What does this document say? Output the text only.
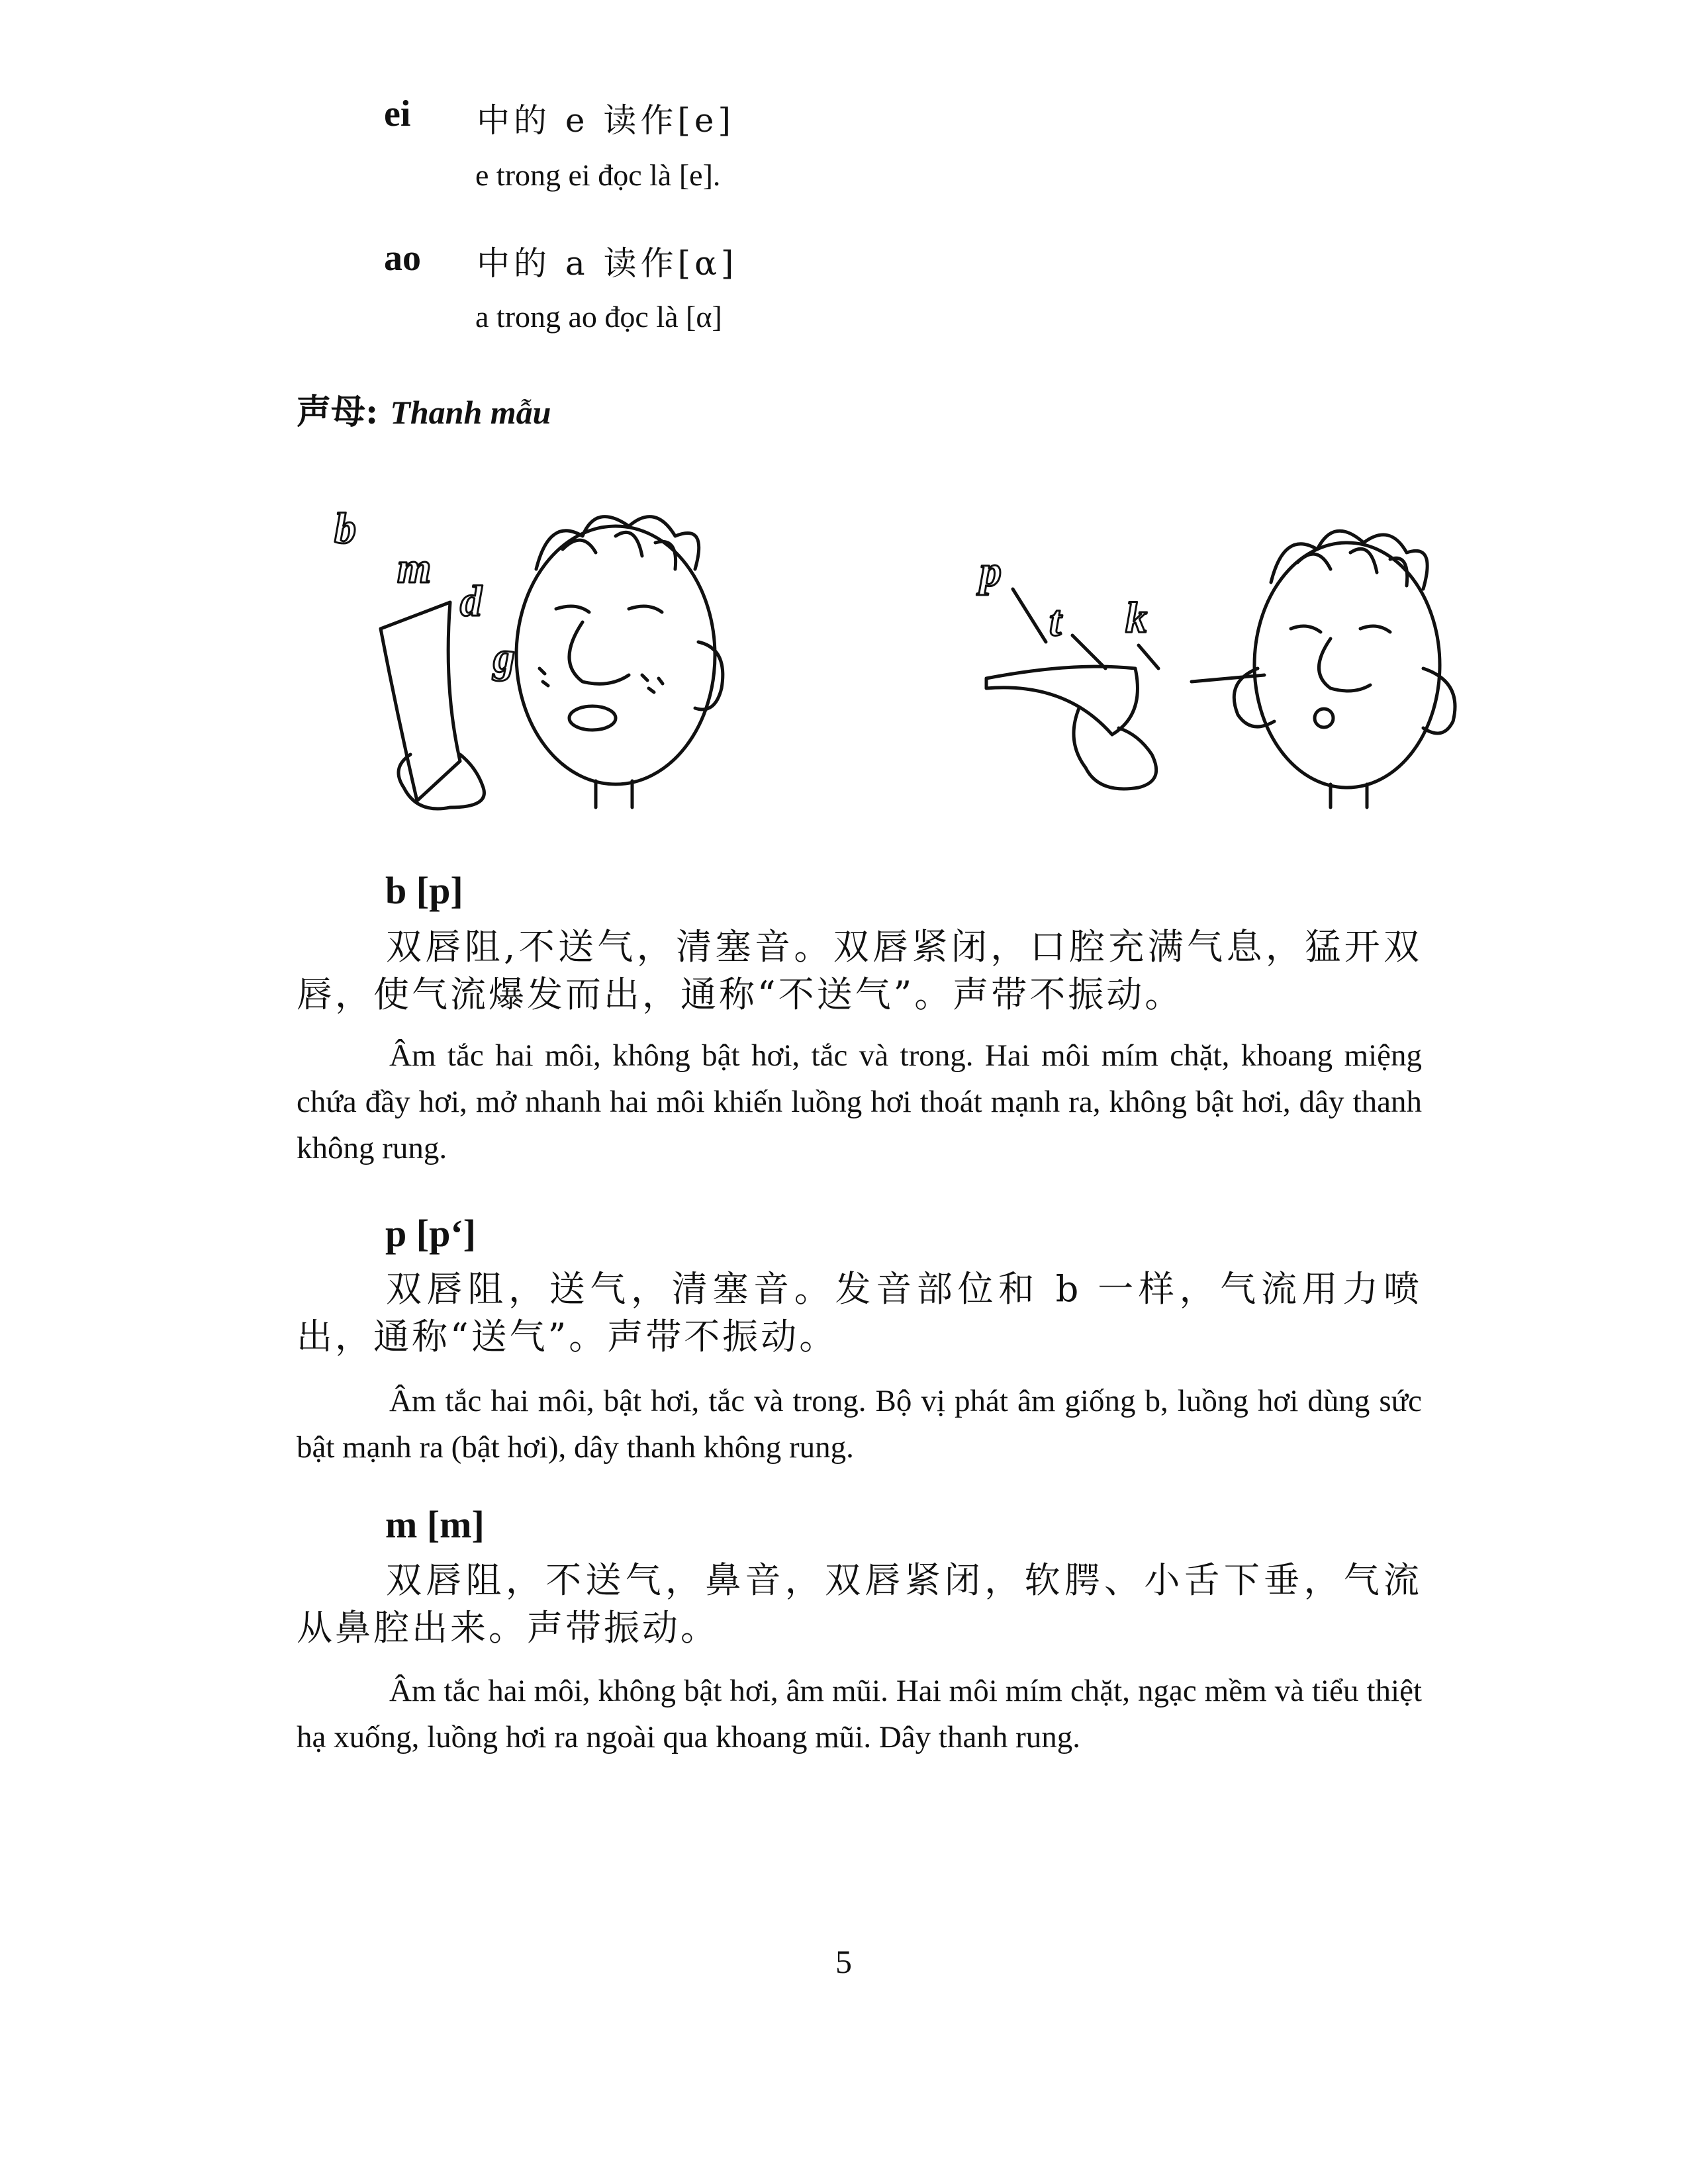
ei 中的 e 读作[e]
e trong ei đọc là [e].
ao 中的 a 读作[α]
a trong ao đọc là [α]
声母: Thanh mẫu
b
m
d
g
p
t k
b [p]
双唇阻,不送气，清塞音。双唇紧闭，口腔充满气息，猛开双唇，使气流爆发而出，通称“不送气”。声带不振动。
Âm tắc hai môi, không bật hơi, tắc và trong. Hai môi mím chặt, khoang miệng chứa đầy hơi, mở nhanh hai môi khiến luồng hơi thoát mạnh ra, không bật hơi, dây thanh không rung.
p [p‘]
双唇阻，送气，清塞音。发音部位和 b 一样，气流用力喷出，通称“送气”。声带不振动。
Âm tắc hai môi, bật hơi, tắc và trong. Bộ vị phát âm giống b, luồng hơi dùng sức bật mạnh ra (bật hơi), dây thanh không rung.
m [m]
双唇阻，不送气，鼻音，双唇紧闭，软腭、小舌下垂，气流从鼻腔出来。声带振动。
Âm tắc hai môi, không bật hơi, âm mũi. Hai môi mím chặt, ngạc mềm và tiểu thiệt hạ xuống, luồng hơi ra ngoài qua khoang mũi. Dây thanh rung.
5
